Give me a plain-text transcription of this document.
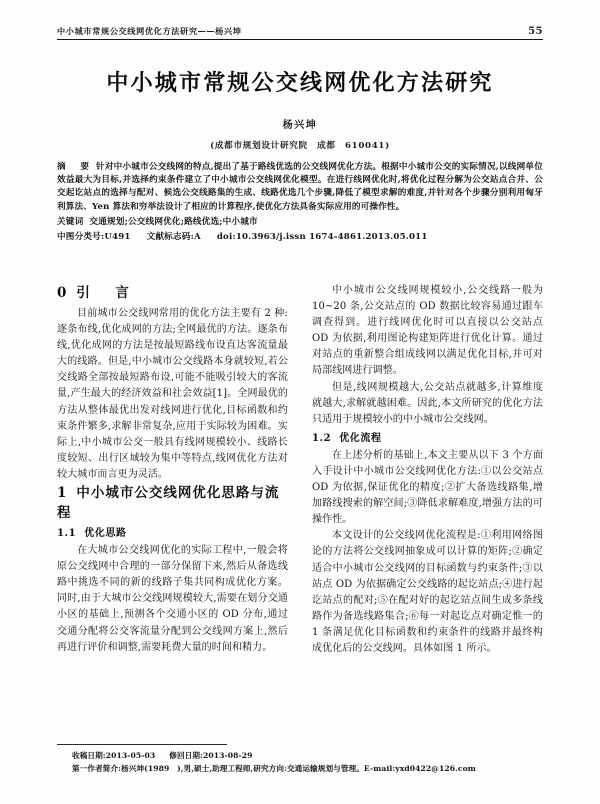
中小城市常规公交线网优化方法研究——杨兴坤	55
中小城市常规公交线网优化方法研究
杨兴坤
(成都市规划设计研究院　成都　610041)
摘　要 针对中小城市公交线网的特点,提出了基于路线优选的公交线网优化方法。根据中小城市公交的实际情况,以线网单位效益最大为目标,并选择约束条件建立了中小城市公交线网优化模型。在进行线网优化时,将优化过程分解为公交站点合并、公交起讫站点的选择与配对、候选公交线路集的生成、线路优选几个步骤,降低了模型求解的难度,并针对各个步骤分别利用匈牙利算法、Yen 算法和穷举法设计了相应的计算程序,使优化方法具备实际应用的可操作性。
关键词 交通规划;公交线网优化;路线优选;中小城市
中图分类号:U491 文献标志码:A doi:10.3963/j.issn 1674-4861.2013.05.011
0 引　言

目前城市公交线网常用的优化方法主要有 2 种:逐条布线,优化成网的方法;全网最优的方法。逐条布线,优化成网的方法是按最短路线布设直达客流量最大的线路。但是,中小城市公交线路本身就较短,若公交线路全部按最短路布设,可能不能吸引较大的客流量,产生最大的经济效益和社会效益[1]。全网最优的方法从整体最优出发对线网进行优化,目标函数和约束条件繁多,求解非常复杂,应用于实际较为困难。实际上,中小城市公交一般具有线网规模较小、线路长度较短、出行区域较为集中等特点,线网优化方法对较大城市而言更为灵活。

1 中小城市公交线网优化思路与流程
1.1 优化思路

在大城市公交线网优化的实际工程中,一般会将原公交线网中合理的一部分保留下来,然后从备选线路中挑选不同的新的线路子集共同构成优化方案。同时,由于大城市公交线网规模较大,需要在划分交通小区的基础上,预测各个交通小区的 OD 分布,通过交通分配将公交客流量分配到公交线网方案上,然后再进行评价和调整,需要耗费大量的时间和精力。

中小城市公交线网规模较小,公交线路一般为 10~20 条,公交站点的 OD 数据比较容易通过跟车调查得到。进行线网优化时可以直接以公交站点 OD 为依据,利用图论构建矩阵进行优化计算。通过对站点的重新整合组成线网以满足优化目标,并可对局部线网进行调整。

但是,线网规模越大,公交站点就越多,计算维度就越大,求解就越困难。因此,本文所研究的优化方法只适用于规模较小的中小城市公交线网。

1.2 优化流程

在上述分析的基础上,本文主要从以下 3 个方面入手设计中小城市公交线网优化方法:①以公交站点 OD 为依据,保证优化的精度;②扩大备选线路集,增加路线搜索的解空间;③降低求解难度,增强方法的可操作性。

本文设计的公交线网优化流程是:①利用网络图论的方法将公交线网抽象成可以计算的矩阵;②确定适合中小城市公交线网的目标函数与约束条件;③以站点 OD 为依据确定公交线路的起讫站点;④进行起讫站点的配对;⑤在配对好的起讫站点间生成多条线路作为备选线路集合;⑥每一对起讫点对确定惟一的 1 条满足优化目标函数和约束条件的线路并最终构成优化后的公交线网。具体如图 1 所示。

收稿日期:2013-05-03 修回日期:2013-08-29
第一作者简介:杨兴坤(1989　),男,硕士,助理工程师,研究方向:交通运输规划与管理。E-mail:yxd0422@126.com
